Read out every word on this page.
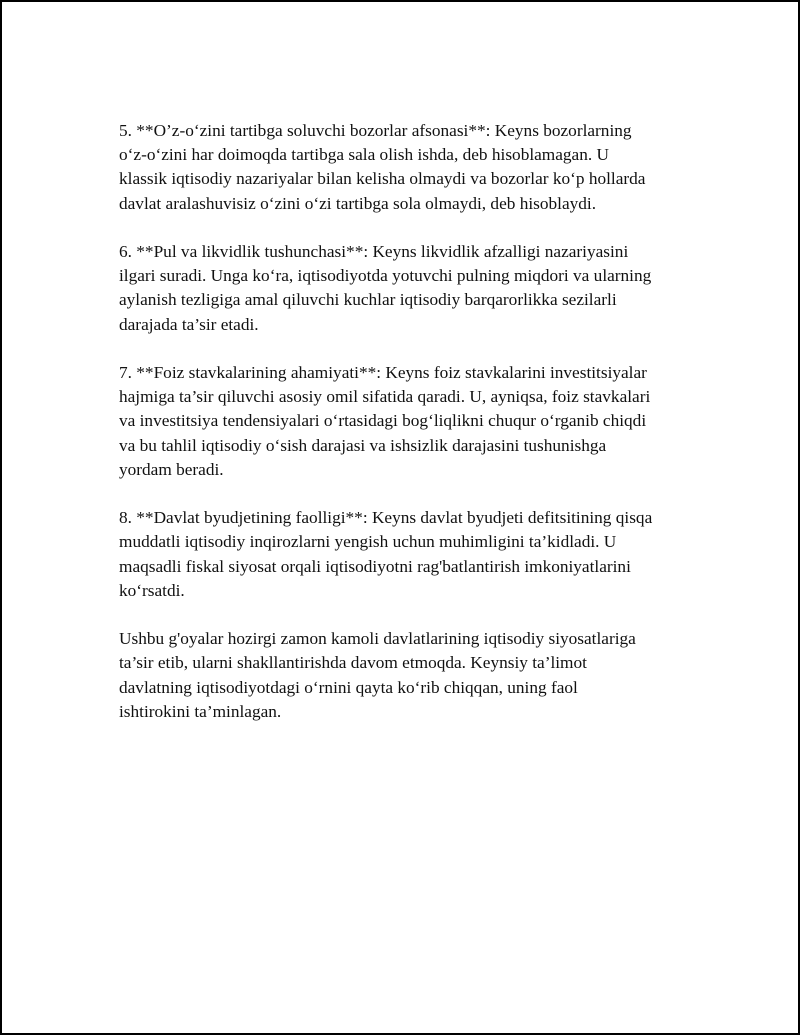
5. **O’z-o‘zini tartibga soluvchi bozorlar afsonasi**: Keyns bozorlarning
o‘z-o‘zini har doimoqda tartibga sala olish ishda, deb hisoblamagan. U
klassik iqtisodiy nazariyalar bilan kelisha olmaydi va bozorlar ko‘p hollarda
davlat aralashuvisiz o‘zini o‘zi tartibga sola olmaydi, deb hisoblaydi.

6. **Pul va likvidlik tushunchasi**: Keyns likvidlik afzalligi nazariyasini
ilgari suradi. Unga ko‘ra, iqtisodiyotda yotuvchi pulning miqdori va ularning
aylanish tezligiga amal qiluvchi kuchlar iqtisodiy barqarorlikka sezilarli
darajada ta’sir etadi.

7. **Foiz stavkalarining ahamiyati**: Keyns foiz stavkalarini investitsiyalar
hajmiga ta’sir qiluvchi asosiy omil sifatida qaradi. U, ayniqsa, foiz stavkalari
va investitsiya tendensiyalari o‘rtasidagi bog‘liqlikni chuqur o‘rganib chiqdi
va bu tahlil iqtisodiy o‘sish darajasi va ishsizlik darajasini tushunishga
yordam beradi.

8. **Davlat byudjetining faolligi**: Keyns davlat byudjeti defitsitining qisqa
muddatli iqtisodiy inqirozlarni yengish uchun muhimligini ta’kidladi. U
maqsadli fiskal siyosat orqali iqtisodiyotni rag'batlantirish imkoniyatlarini
ko‘rsatdi.

Ushbu g'oyalar hozirgi zamon kamoli davlatlarining iqtisodiy siyosatlariga
ta’sir etib, ularni shakllantirishda davom etmoqda. Keynsiy ta’limot
davlatning iqtisodiyotdagi o‘rnini qayta ko‘rib chiqqan, uning faol
ishtirokini ta’minlagan.
